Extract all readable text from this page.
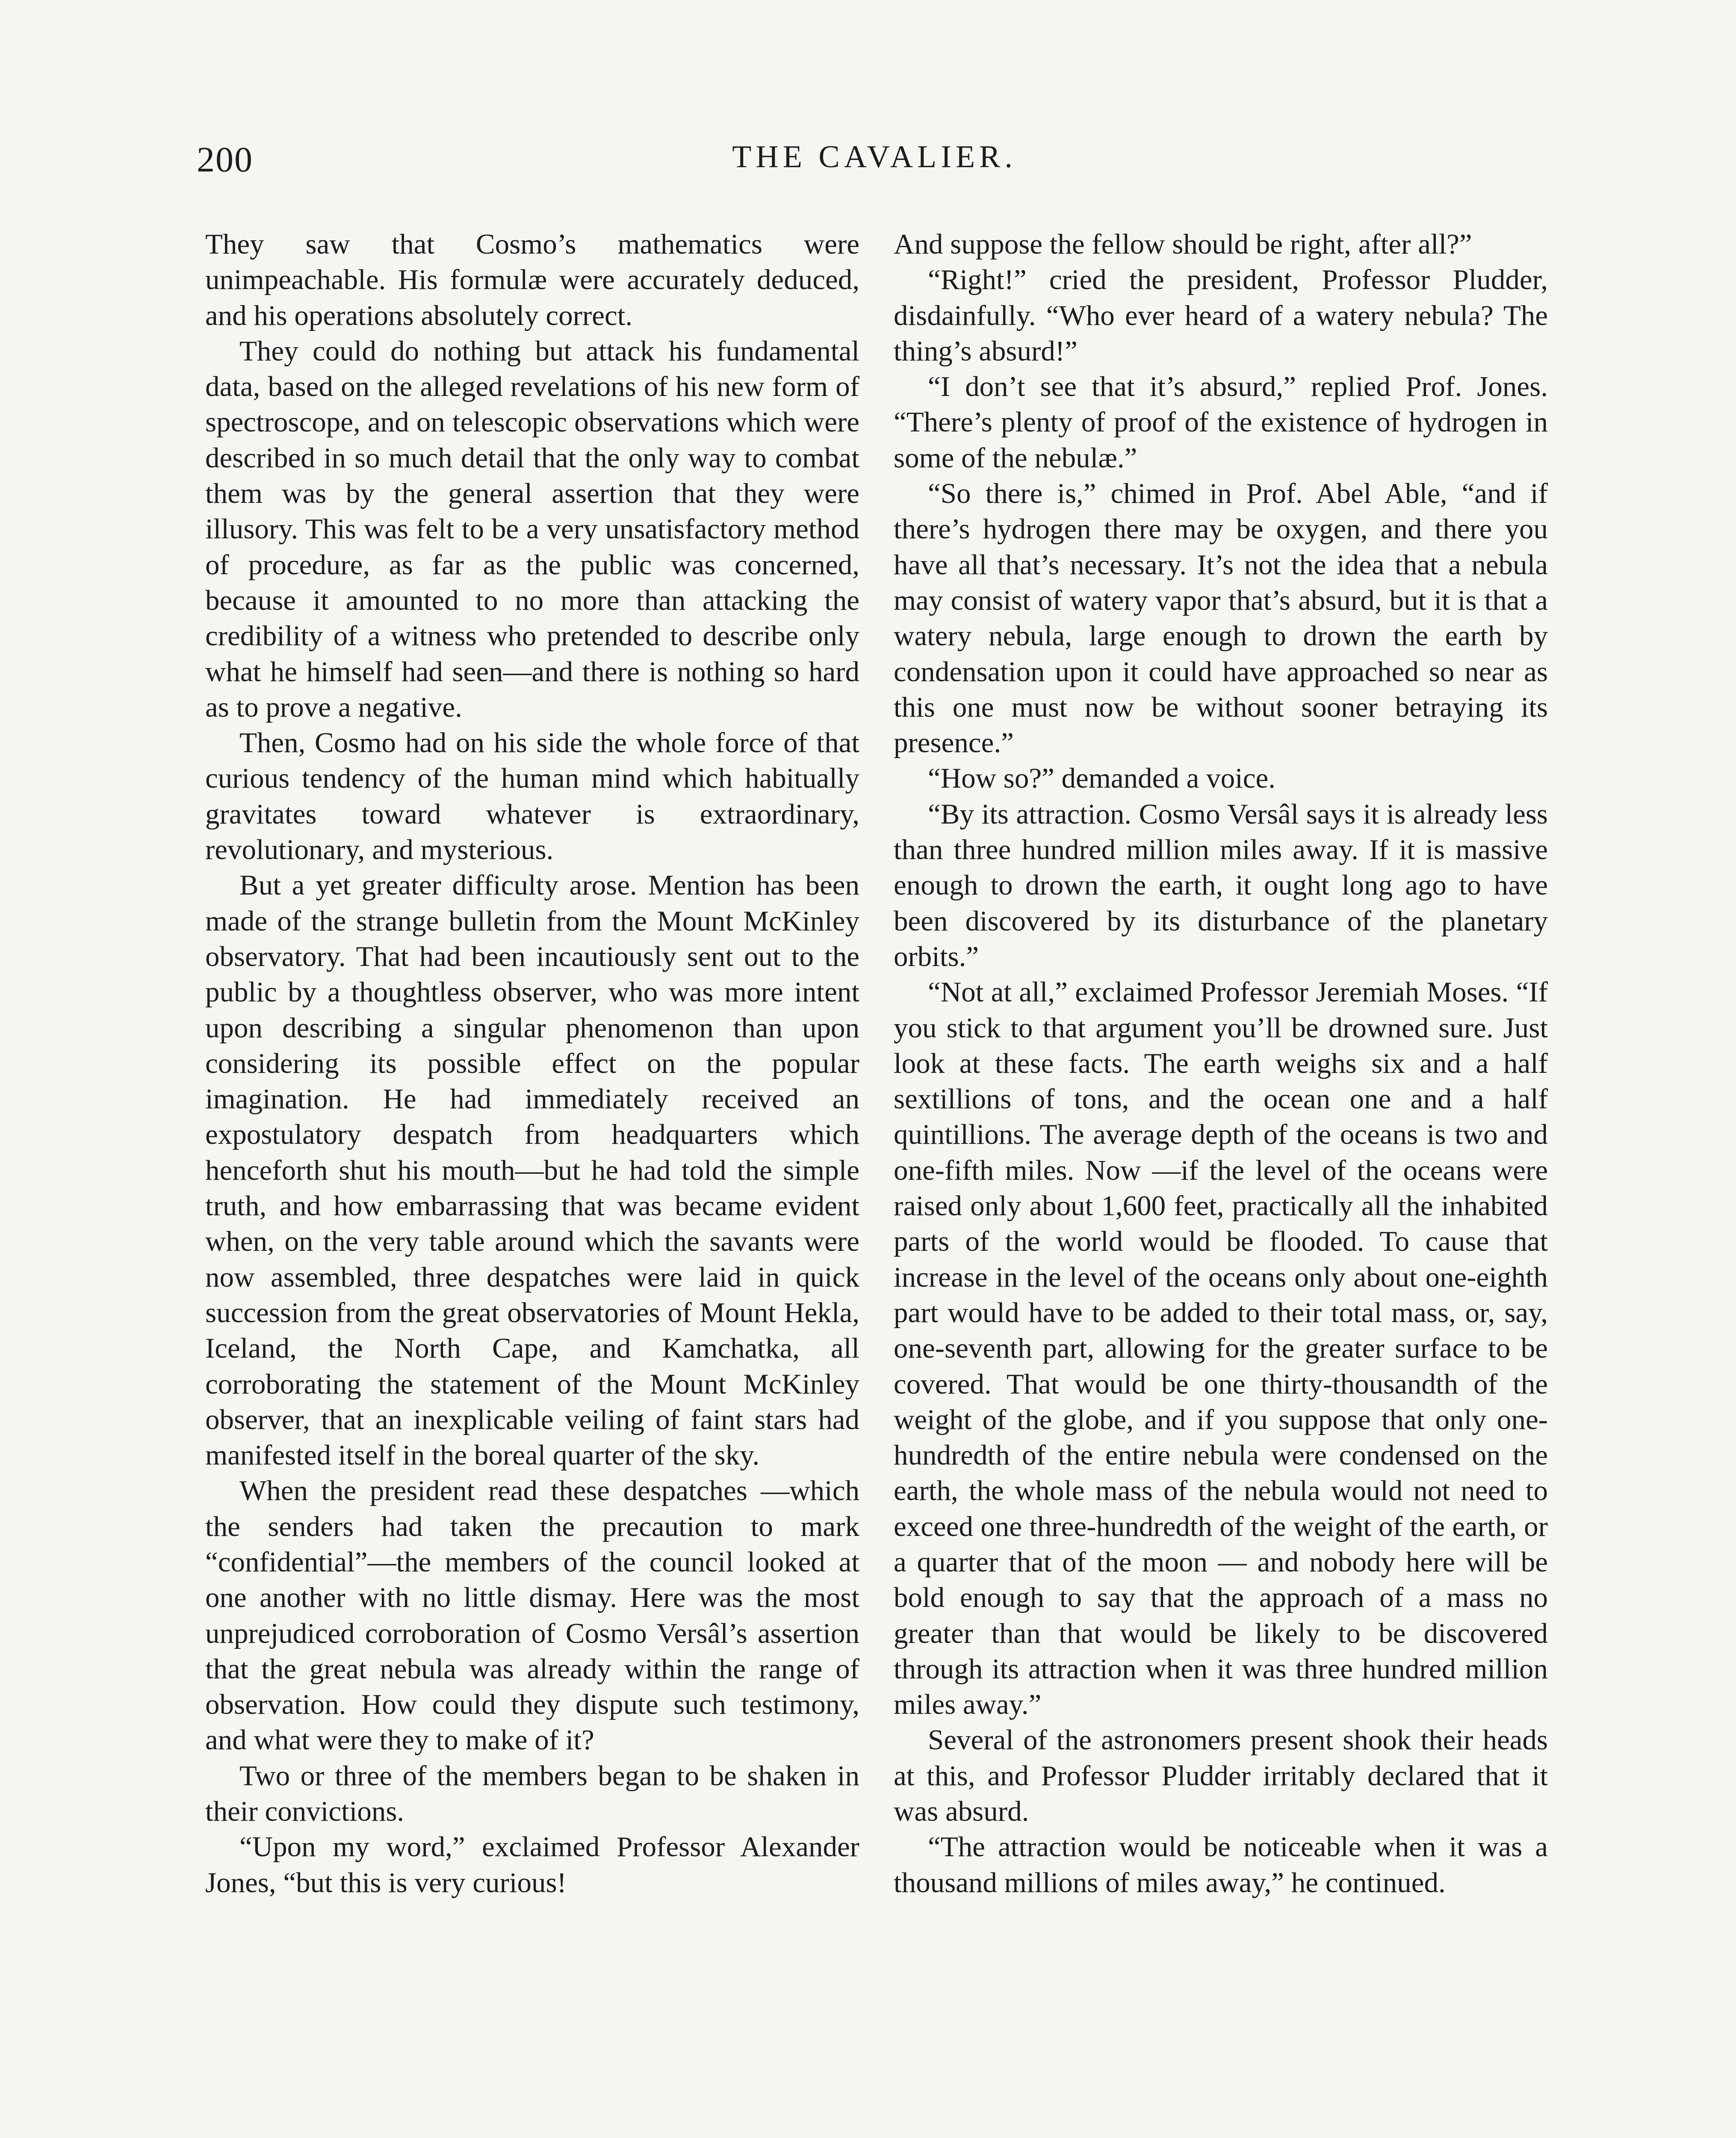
200	THE CAVALIER.

They saw that Cosmo’s mathematics were unimpeachable. His formulæ were accurately deduced, and his operations absolutely correct.

They could do nothing but attack his fundamental data, based on the alleged revelations of his new form of spectroscope, and on telescopic observations which were described in so much detail that the only way to combat them was by the general assertion that they were illusory. This was felt to be a very unsatisfactory method of procedure, as far as the public was concerned, because it amounted to no more than attacking the credibility of a witness who pretended to describe only what he himself had seen—and there is nothing so hard as to prove a negative.

Then, Cosmo had on his side the whole force of that curious tendency of the human mind which habitually gravitates toward whatever is extraordinary, revolutionary, and mysterious.

But a yet greater difficulty arose. Mention has been made of the strange bulletin from the Mount McKinley observatory. That had been incautiously sent out to the public by a thoughtless observer, who was more intent upon describing a singular phenomenon than upon considering its possible effect on the popular imagination. He had immediately received an expostulatory despatch from headquarters which henceforth shut his mouth—but he had told the simple truth, and how embarrassing that was became evident when, on the very table around which the savants were now assembled, three despatches were laid in quick succession from the great observatories of Mount Hekla, Iceland, the North Cape, and Kamchatka, all corroborating the statement of the Mount McKinley observer, that an inexplicable veiling of faint stars had manifested itself in the boreal quarter of the sky.

When the president read these despatches —which the senders had taken the precaution to mark “confidential”—the members of the council looked at one another with no little dismay. Here was the most unprejudiced corroboration of Cosmo Versâl’s assertion that the great nebula was already within the range of observation. How could they dispute such testimony, and what were they to make of it?

Two or three of the members began to be shaken in their convictions.

“Upon my word,” exclaimed Professor Alexander Jones, “but this is very curious!

And suppose the fellow should be right, after all?”

“Right!” cried the president, Professor Pludder, disdainfully. “Who ever heard of a watery nebula? The thing’s absurd!”

“I don’t see that it’s absurd,” replied Prof. Jones. “There’s plenty of proof of the existence of hydrogen in some of the nebulæ.”

“So there is,” chimed in Prof. Abel Able, “and if there’s hydrogen there may be oxygen, and there you have all that’s necessary. It’s not the idea that a nebula may consist of watery vapor that’s absurd, but it is that a watery nebula, large enough to drown the earth by condensation upon it could have approached so near as this one must now be without sooner betraying its presence.”

“How so?” demanded a voice.

“By its attraction. Cosmo Versâl says it is already less than three hundred million miles away. If it is massive enough to drown the earth, it ought long ago to have been discovered by its disturbance of the planetary orbits.”

“Not at all,” exclaimed Professor Jeremiah Moses. “If you stick to that argument you’ll be drowned sure. Just look at these facts. The earth weighs six and a half sextillions of tons, and the ocean one and a half quintillions. The average depth of the oceans is two and one-fifth miles. Now —if the level of the oceans were raised only about 1,600 feet, practically all the inhabited parts of the world would be flooded. To cause that increase in the level of the oceans only about one-eighth part would have to be added to their total mass, or, say, one-seventh part, allowing for the greater surface to be covered. That would be one thirty-thousandth of the weight of the globe, and if you suppose that only one-hundredth of the entire nebula were condensed on the earth, the whole mass of the nebula would not need to exceed one three-hundredth of the weight of the earth, or a quarter that of the moon — and nobody here will be bold enough to say that the approach of a mass no greater than that would be likely to be discovered through its attraction when it was three hundred million miles away.”

Several of the astronomers present shook their heads at this, and Professor Pludder irritably declared that it was absurd.

“The attraction would be noticeable when it was a thousand millions of miles away,” he continued.
